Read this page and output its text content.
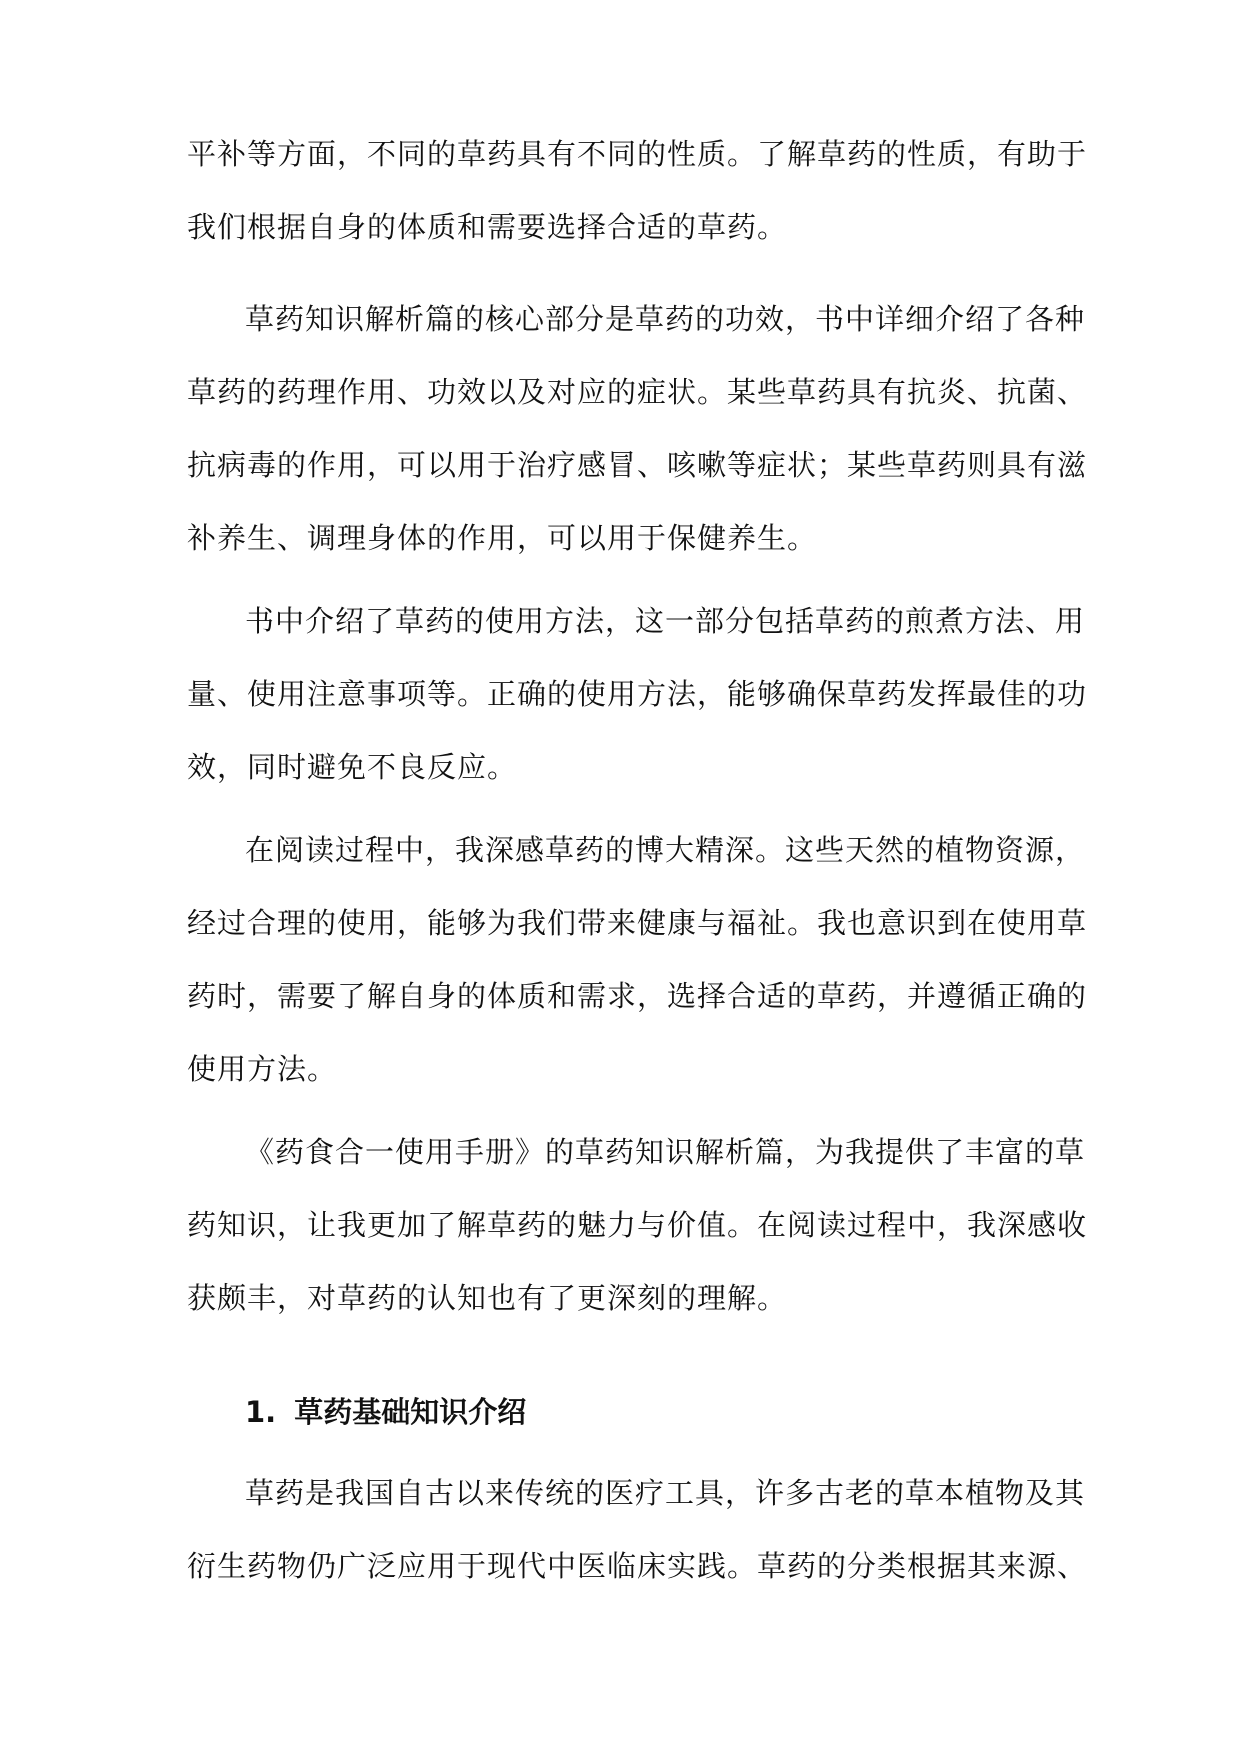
平补等方面，不同的草药具有不同的性质。了解草药的性质，有助于
我们根据自身的体质和需要选择合适的草药。
草药知识解析篇的核心部分是草药的功效，书中详细介绍了各种
草药的药理作用、功效以及对应的症状。某些草药具有抗炎、抗菌、
抗病毒的作用，可以用于治疗感冒、咳嗽等症状；某些草药则具有滋
补养生、调理身体的作用，可以用于保健养生。
书中介绍了草药的使用方法，这一部分包括草药的煎煮方法、用
量、使用注意事项等。正确的使用方法，能够确保草药发挥最佳的功
效，同时避免不良反应。
在阅读过程中，我深感草药的博大精深。这些天然的植物资源，
经过合理的使用，能够为我们带来健康与福祉。我也意识到在使用草
药时，需要了解自身的体质和需求，选择合适的草药，并遵循正确的
使用方法。
《药食合一使用手册》的草药知识解析篇，为我提供了丰富的草
药知识，让我更加了解草药的魅力与价值。在阅读过程中，我深感收
获颇丰，对草药的认知也有了更深刻的理解。
1. 草药基础知识介绍
草药是我国自古以来传统的医疗工具，许多古老的草本植物及其
衍生药物仍广泛应用于现代中医临床实践。草药的分类根据其来源、
